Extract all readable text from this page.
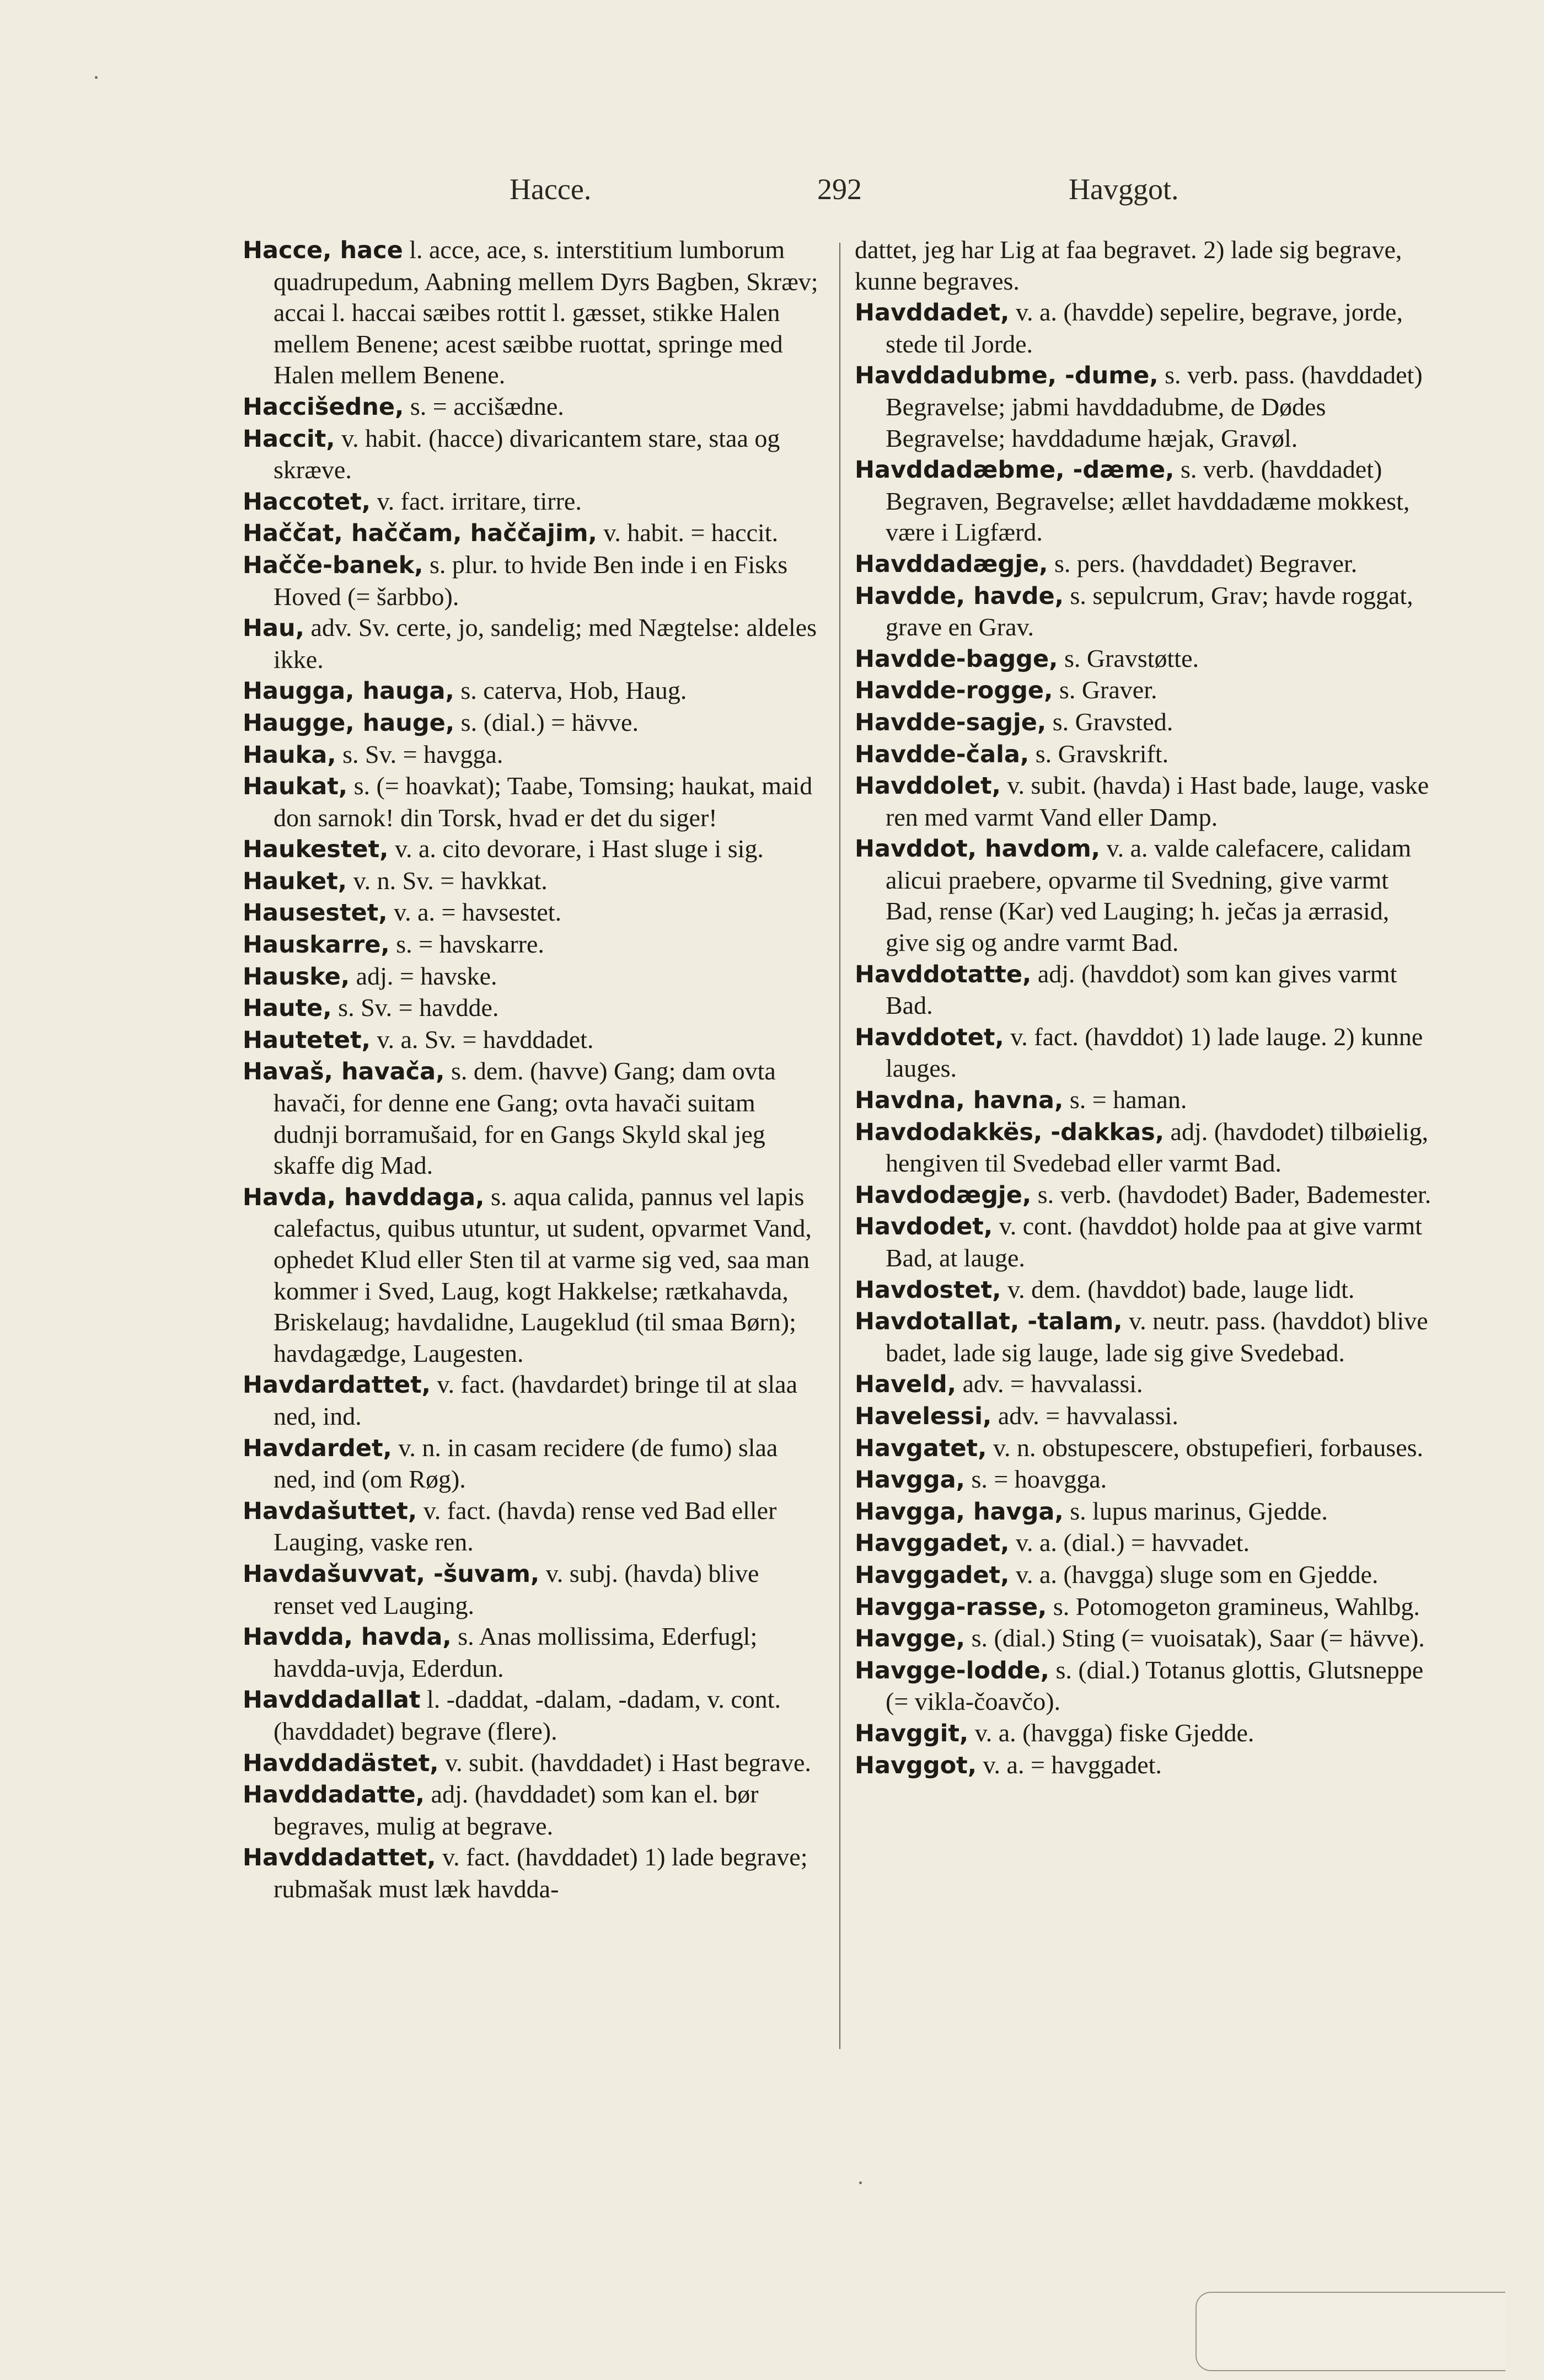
Hacce.	292	Havggot.

Hacce, hace l. acce, ace, s. interstitium lumborum quadrupedum, Aabning mellem Dyrs Bagben, Skræv; accai l. haccai sæibes rottit l. gæsset, stikke Halen mellem Benene; acest sæibbe ruottat, springe med Halen mellem Benene.

Haccišedne, s. = accišædne.

Haccit, v. habit. (hacce) divaricantem stare, staa og skræve.

Haccotet, v. fact. irritare, tirre.

Haččat, haččam, haččajim, v. habit. = haccit.

Hačče-banek, s. plur. to hvide Ben inde i en Fisks Hoved (= šarbbo).

Hau, adv. Sv. certe, jo, sandelig; med Nægtelse: aldeles ikke.

Haugga, hauga, s. caterva, Hob, Haug.

Haugge, hauge, s. (dial.) = hävve.

Hauka, s. Sv. = havgga.

Haukat, s. (= hoavkat); Taabe, Tomsing; haukat, maid don sarnok! din Torsk, hvad er det du siger!

Haukestet, v. a. cito devorare, i Hast sluge i sig.

Hauket, v. n. Sv. = havkkat.

Hausestet, v. a. = havsestet.

Hauskarre, s. = havskarre.

Hauske, adj. = havske.

Haute, s. Sv. = havdde.

Hautetet, v. a. Sv. = havddadet.

Havaš, havača, s. dem. (havve) Gang; dam ovta havači, for denne ene Gang; ovta havači suitam dudnji borramušaid, for en Gangs Skyld skal jeg skaffe dig Mad.

Havda, havddaga, s. aqua calida, pannus vel lapis calefactus, quibus utuntur, ut sudent, opvarmet Vand, ophedet Klud eller Sten til at varme sig ved, saa man kommer i Sved, Laug, kogt Hakkelse; rætkahavda, Briskelaug; havdalidne, Laugeklud (til smaa Børn); havdagædge, Laugesten.

Havdardattet, v. fact. (havdardet) bringe til at slaa ned, ind.

Havdardet, v. n. in casam recidere (de fumo) slaa ned, ind (om Røg).

Havdašuttet, v. fact. (havda) rense ved Bad eller Lauging, vaske ren.

Havdašuvvat, -šuvam, v. subj. (havda) blive renset ved Lauging.

Havdda, havda, s. Anas mollissima, Ederfugl; havdda-uvja, Ederdun.

Havddadallat l. -daddat, -dalam, -dadam, v. cont. (havddadet) begrave (flere).

Havddadästet, v. subit. (havddadet) i Hast begrave.

Havddadatte, adj. (havddadet) som kan el. bør begraves, mulig at begrave.

Havddadattet, v. fact. (havddadet) 1) lade begrave; rubmašak must læk havdda-

dattet, jeg har Lig at faa begravet. 2) lade sig begrave, kunne begraves.

Havddadet, v. a. (havdde) sepelire, begrave, jorde, stede til Jorde.

Havddadubme, -dume, s. verb. pass. (havddadet) Begravelse; jabmi havddadubme, de Dødes Begravelse; havddadume hæjak, Gravøl.

Havddadæbme, -dæme, s. verb. (havddadet) Begraven, Begravelse; ællet havddadæme mokkest, være i Ligfærd.

Havddadægje, s. pers. (havddadet) Begraver.

Havdde, havde, s. sepulcrum, Grav; havde roggat, grave en Grav.

Havdde-bagge, s. Gravstøtte.

Havdde-rogge, s. Graver.

Havdde-sagje, s. Gravsted.

Havdde-čala, s. Gravskrift.

Havddolet, v. subit. (havda) i Hast bade, lauge, vaske ren med varmt Vand eller Damp.

Havddot, havdom, v. a. valde calefacere, calidam alicui praebere, opvarme til Svedning, give varmt Bad, rense (Kar) ved Lauging; h. ječas ja ærrasid, give sig og andre varmt Bad.

Havddotatte, adj. (havddot) som kan gives varmt Bad.

Havddotet, v. fact. (havddot) 1) lade lauge. 2) kunne lauges.

Havdna, havna, s. = haman.

Havdodakkës, -dakkas, adj. (havdodet) tilbøielig, hengiven til Svedebad eller varmt Bad.

Havdodægje, s. verb. (havdodet) Bader, Bademester.

Havdodet, v. cont. (havddot) holde paa at give varmt Bad, at lauge.

Havdostet, v. dem. (havddot) bade, lauge lidt.

Havdotallat, -talam, v. neutr. pass. (havddot) blive badet, lade sig lauge, lade sig give Svedebad.

Haveld, adv. = havvalassi.

Havelessi, adv. = havvalassi.

Havgatet, v. n. obstupescere, obstupefieri, forbauses.

Havgga, s. = hoavgga.

Havgga, havga, s. lupus marinus, Gjedde.

Havggadet, v. a. (dial.) = havvadet.

Havggadet, v. a. (havgga) sluge som en Gjedde.

Havgga-rasse, s. Potomogeton gramineus, Wahlbg.

Havgge, s. (dial.) Sting (= vuoisatak), Saar (= hävve).

Havgge-lodde, s. (dial.) Totanus glottis, Glutsneppe (= vikla-čoavčo).

Havggit, v. a. (havgga) fiske Gjedde.

Havggot, v. a. = havggadet.
